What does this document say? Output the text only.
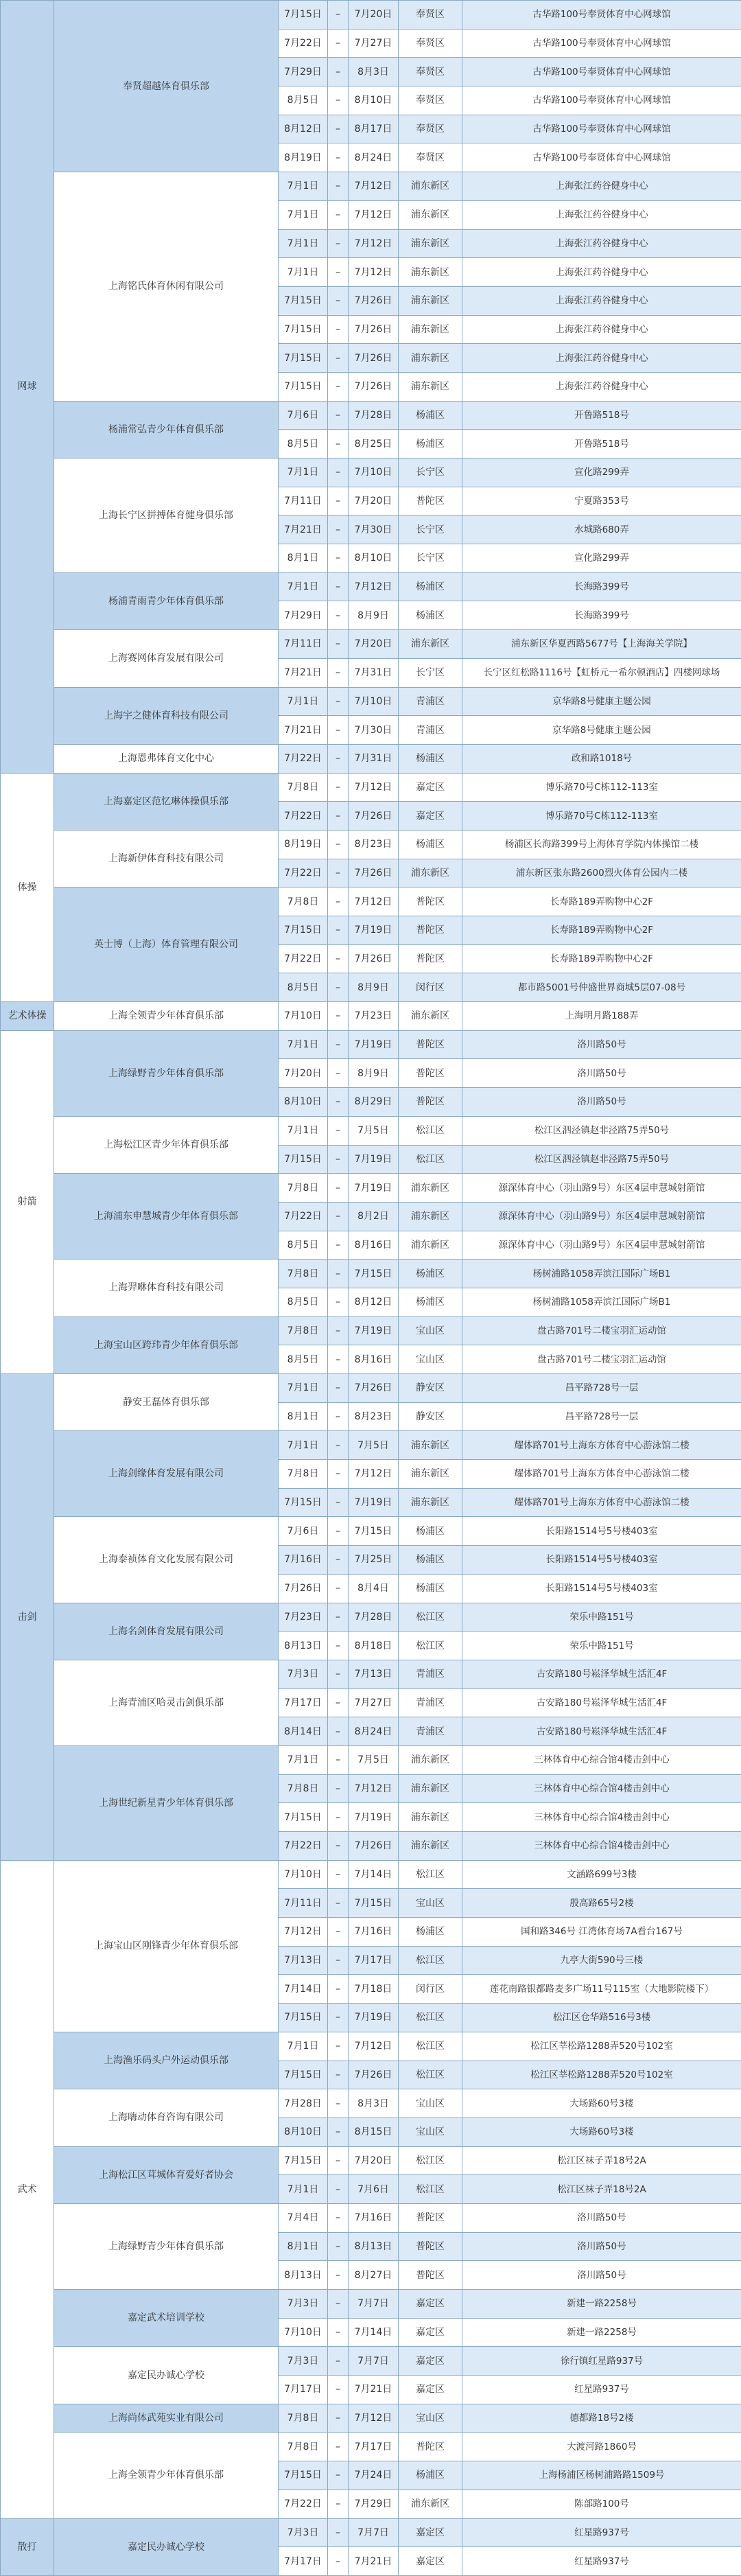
网球	奉贤超越体育俱乐部	7月15日	–	7月20日	奉贤区	古华路100号奉贤体育中心网球馆
		7月22日	–	7月27日	奉贤区	古华路100号奉贤体育中心网球馆
		7月29日	–	8月3日	奉贤区	古华路100号奉贤体育中心网球馆
		8月5日	–	8月10日	奉贤区	古华路100号奉贤体育中心网球馆
		8月12日	–	8月17日	奉贤区	古华路100号奉贤体育中心网球馆
		8月19日	–	8月24日	奉贤区	古华路100号奉贤体育中心网球馆
	上海铭氏体育休闲有限公司	7月1日	–	7月12日	浦东新区	上海张江药谷健身中心
		7月1日	–	7月12日	浦东新区	上海张江药谷健身中心
		7月1日	–	7月12日	浦东新区	上海张江药谷健身中心
		7月1日	–	7月12日	浦东新区	上海张江药谷健身中心
		7月15日	–	7月26日	浦东新区	上海张江药谷健身中心
		7月15日	–	7月26日	浦东新区	上海张江药谷健身中心
		7月15日	–	7月26日	浦东新区	上海张江药谷健身中心
		7月15日	–	7月26日	浦东新区	上海张江药谷健身中心
	杨浦常弘青少年体育俱乐部	7月6日	–	7月28日	杨浦区	开鲁路518号
		8月5日	–	8月25日	杨浦区	开鲁路518号
	上海长宁区拼搏体育健身俱乐部	7月1日	–	7月10日	长宁区	宣化路299弄
		7月11日	–	7月20日	普陀区	宁夏路353号
		7月21日	–	7月30日	长宁区	水城路680弄
		8月1日	–	8月10日	长宁区	宣化路299弄
	杨浦青雨青少年体育俱乐部	7月1日	–	7月12日	杨浦区	长海路399号
		7月29日	–	8月9日	杨浦区	长海路399号
	上海赛网体育发展有限公司	7月11日	–	7月20日	浦东新区	浦东新区华夏西路5677号【上海海关学院】
		7月21日	–	7月31日	长宁区	长宁区红松路1116号【虹桥元一希尔顿酒店】四楼网球场
	上海宇之健体育科技有限公司	7月1日	–	7月10日	青浦区	京华路8号健康主题公园
		7月21日	–	7月30日	青浦区	京华路8号健康主题公园
	上海恩弗体育文化中心	7月22日	–	7月31日	杨浦区	政和路1018号
体操	上海嘉定区范忆琳体操俱乐部	7月8日	–	7月12日	嘉定区	博乐路70号C栋112-113室
		7月22日	–	7月26日	嘉定区	博乐路70号C栋112-113室
	上海新伊体育科技有限公司	8月19日	–	8月23日	杨浦区	杨浦区长海路399号上海体育学院内体操馆二楼
		7月22日	–	7月26日	浦东新区	浦东新区张东路2600烈火体育公园内二楼
	英士博（上海）体育管理有限公司	7月8日	–	7月12日	普陀区	长寿路189弄购物中心2F
		7月15日	–	7月19日	普陀区	长寿路189弄购物中心2F
		7月22日	–	7月26日	普陀区	长寿路189弄购物中心2F
		8月5日	–	8月9日	闵行区	都市路5001号仲盛世界商城5层07-08号
艺术体操	上海全领青少年体育俱乐部	7月10日	–	7月23日	浦东新区	上海明月路188弄
射箭	上海绿野青少年体育俱乐部	7月1日	–	7月19日	普陀区	洛川路50号
		7月20日	–	8月9日	普陀区	洛川路50号
		8月10日	–	8月29日	普陀区	洛川路50号
	上海松江区青少年体育俱乐部	7月1日	–	7月5日	松江区	松江区泗泾镇赵非泾路75弄50号
		7月15日	–	7月19日	松江区	松江区泗泾镇赵非泾路75弄50号
	上海浦东申慧城青少年体育俱乐部	7月8日	–	7月19日	浦东新区	源深体育中心（羽山路9号）东区4层申慧城射箭馆
		7月22日	–	8月2日	浦东新区	源深体育中心（羽山路9号）东区4层申慧城射箭馆
		8月5日	–	8月16日	浦东新区	源深体育中心（羽山路9号）东区4层申慧城射箭馆
	上海羿咻体育科技有限公司	7月8日	–	7月15日	杨浦区	杨树浦路1058弄滨江国际广场B1
		8月5日	–	8月12日	杨浦区	杨树浦路1058弄滨江国际广场B1
	上海宝山区跨玮青少年体育俱乐部	7月8日	–	7月19日	宝山区	盘古路701号二楼宝羽汇运动馆
		8月5日	–	8月16日	宝山区	盘古路701号二楼宝羽汇运动馆
击剑	静安王磊体育俱乐部	7月1日	–	7月26日	静安区	昌平路728号一层
		8月1日	–	8月23日	静安区	昌平路728号一层
	上海剑缘体育发展有限公司	7月1日	–	7月5日	浦东新区	耀体路701号上海东方体育中心游泳馆二楼
		7月8日	–	7月12日	浦东新区	耀体路701号上海东方体育中心游泳馆二楼
		7月15日	–	7月19日	浦东新区	耀体路701号上海东方体育中心游泳馆二楼
	上海泰祯体育文化发展有限公司	7月6日	–	7月15日	杨浦区	长阳路1514号5号楼403室
		7月16日	–	7月25日	杨浦区	长阳路1514号5号楼403室
		7月26日	–	8月4日	杨浦区	长阳路1514号5号楼403室
	上海名剑体育发展有限公司	7月23日	–	7月28日	松江区	荣乐中路151号
		8月13日	–	8月18日	松江区	荣乐中路151号
	上海青浦区哈灵击剑俱乐部	7月3日	–	7月13日	青浦区	古安路180号崧泽华城生活汇4F
		7月17日	–	7月27日	青浦区	古安路180号崧泽华城生活汇4F
		8月14日	–	8月24日	青浦区	古安路180号崧泽华城生活汇4F
	上海世纪新星青少年体育俱乐部	7月1日	–	7月5日	浦东新区	三林体育中心综合馆4楼击剑中心
		7月8日	–	7月12日	浦东新区	三林体育中心综合馆4楼击剑中心
		7月15日	–	7月19日	浦东新区	三林体育中心综合馆4楼击剑中心
		7月22日	–	7月26日	浦东新区	三林体育中心综合馆4楼击剑中心
武术	上海宝山区刚锋青少年体育俱乐部	7月10日	–	7月14日	松江区	文涵路699号3楼
		7月11日	–	7月15日	宝山区	殷高路65号2楼
		7月12日	–	7月16日	杨浦区	国和路346号 江湾体育场7A看台167号
		7月13日	–	7月17日	松江区	九亭大街590号三楼
		7月14日	–	7月18日	闵行区	莲花南路银都路麦多广场11号115室（大地影院楼下）
		7月15日	–	7月19日	松江区	松江区仓华路516号3楼
	上海渔乐码头户外运动俱乐部	7月1日	–	7月12日	松江区	松江区莘松路1288弄520号102室
		7月15日	–	7月26日	松江区	松江区莘松路1288弄520号102室
	上海嗨动体育咨询有限公司	7月28日	–	8月3日	宝山区	大场路60号3楼
		8月10日	–	8月15日	宝山区	大场路60号3楼
	上海松江区茸城体育爱好者协会	7月15日	–	7月20日	松江区	松江区袜子弄18号2A
		7月1日	–	7月6日	松江区	松江区袜子弄18号2A
	上海绿野青少年体育俱乐部	7月4日	–	7月16日	普陀区	洛川路50号
		8月1日	–	8月13日	普陀区	洛川路50号
		8月13日	–	8月27日	普陀区	洛川路50号
	嘉定武术培训学校	7月3日	–	7月7日	嘉定区	新建一路2258号
		7月10日	–	7月14日	嘉定区	新建一路2258号
	嘉定民办诚心学校	7月3日	–	7月7日	嘉定区	徐行镇红星路937号
		7月17日	–	7月21日	嘉定区	红星路937号
	上海尚体武苑实业有限公司	7月8日	–	7月12日	宝山区	德都路18号2楼
	上海全领青少年体育俱乐部	7月8日	–	7月17日	普陀区	大渡河路1860号
		7月15日	–	7月24日	杨浦区	上海杨浦区杨树浦路路1509号
		7月22日	–	7月29日	浦东新区	陈部路100号
散打	嘉定民办诚心学校	7月3日	–	7月7日	嘉定区	红星路937号
		7月17日	–	7月21日	嘉定区	红星路937号
